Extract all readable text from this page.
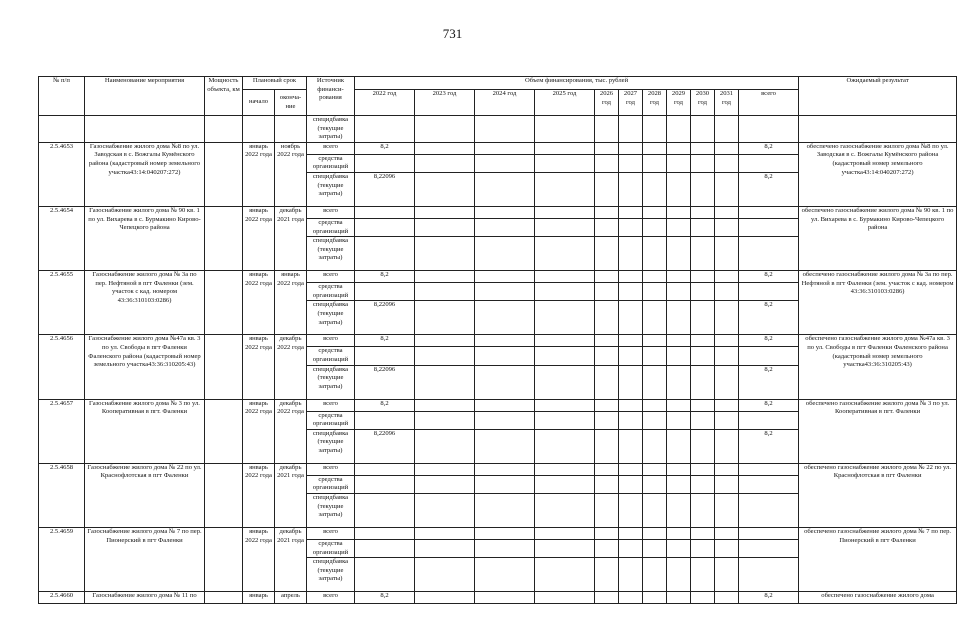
731
№ п/п	Наименование мероприятия	Мощность объекта, км	Плановый срок		Источник финанси-рования	Объем финансирования, тыс. рублей											Ожидаемый результат
			начало	оконча-ние		2022 год	2023 год	2024 год	2025 год	2026 год	2027 год	2028 год	2029 год	2030 год	2031 год	всего	
					специдбавка (текущие затраты)												
2.5.4653	Газоснабжение жилого дома №8 по ул. Заводская в с. Вожгалы Кумёнского района (кадастровый номер земельного участка43:14:040207:272)		январь 2022 года	ноябрь 2022 года	всего	8,2										8,2	обеспечено газоснабжение жилого дома №8 по ул. Заводская в с. Вожгалы Кумёнского района (кадастровый номер земельного участка43:14:040207:272)
					средства организаций												
					специдбавка (текущие затраты)	8,22096										8,2	
2.5.4654	Газоснабжение жилого дома № 90 кв. 1 по ул. Вихарева в с. Бурмакино Кирово-Чепецкого района		январь 2022 года	декабрь 2021 года	всего												обеспечено газоснабжение жилого дома № 90 кв. 1 по ул. Вихарева в с. Бурмакино Кирово-Чепецкого района
					средства организаций												
					специдбавка (текущие затраты)												
2.5.4655	Газоснабжение жилого дома № 3а по пер. Нефтяной в пгт Фаленки (зем. участок с кад. номером 43:36:310103:0286)		январь 2022 года	январь 2022 года	всего	8,2										8,2	обеспечено газоснабжение жилого дома № 3а по пер. Нефтяной в пгт Фаленки (зем. участок с кад. номером 43:36:310103:0286)
					средства организаций												
					специдбавка (текущие затраты)	8,22096										8,2	
2.5.4656	Газоснабжение жилого дома №47а кв. 3 по ул. Свободы в пгт Фаленки Фаленского района (кадастровый номер земельного участка43:36:310205:43)		январь 2022 года	декабрь 2022 года	всего	8,2										8,2	обеспечено газоснабжение жилого дома №47а кв. 3 по ул. Свободы в пгт Фаленки Фаленского района (кадастровый номер земельного участка43:36:310205:43)
					средства организаций												
					специдбавка (текущие затраты)	8,22096										8,2	
2.5.4657	Газоснабжение жилого дома № 3 по ул. Кооперативная в пгт. Фаленки		январь 2022 года	декабрь 2022 года	всего	8,2										8,2	обеспечено газоснабжение жилого дома № 3 по ул. Кооперативная в пгт. Фаленки
					средства организаций												
					специдбавка (текущие затраты)	8,22096										8,2	
2.5.4658	Газоснабжение жилого дома № 22 по ул. Краснофлотская в пгт Фаленки		январь 2022 года	декабрь 2021 года	всего												обеспечено газоснабжение жилого дома № 22 по ул. Краснофлотская в пгт Фаленки
					средства организаций												
					специдбавка (текущие затраты)												
2.5.4659	Газоснабжение жилого дома № 7 по пер. Пионерский в пгт Фаленки		январь 2022 года	декабрь 2021 года	всего												обеспечено газоснабжение жилого дома № 7 по пер. Пионерский в пгт Фаленки
					средства организаций												
					специдбавка (текущие затраты)												
2.5.4660	Газоснабжение жилого дома № 11 по		январь	апрель	всего	8,2										8,2	обеспечено газоснабжение жилого дома
